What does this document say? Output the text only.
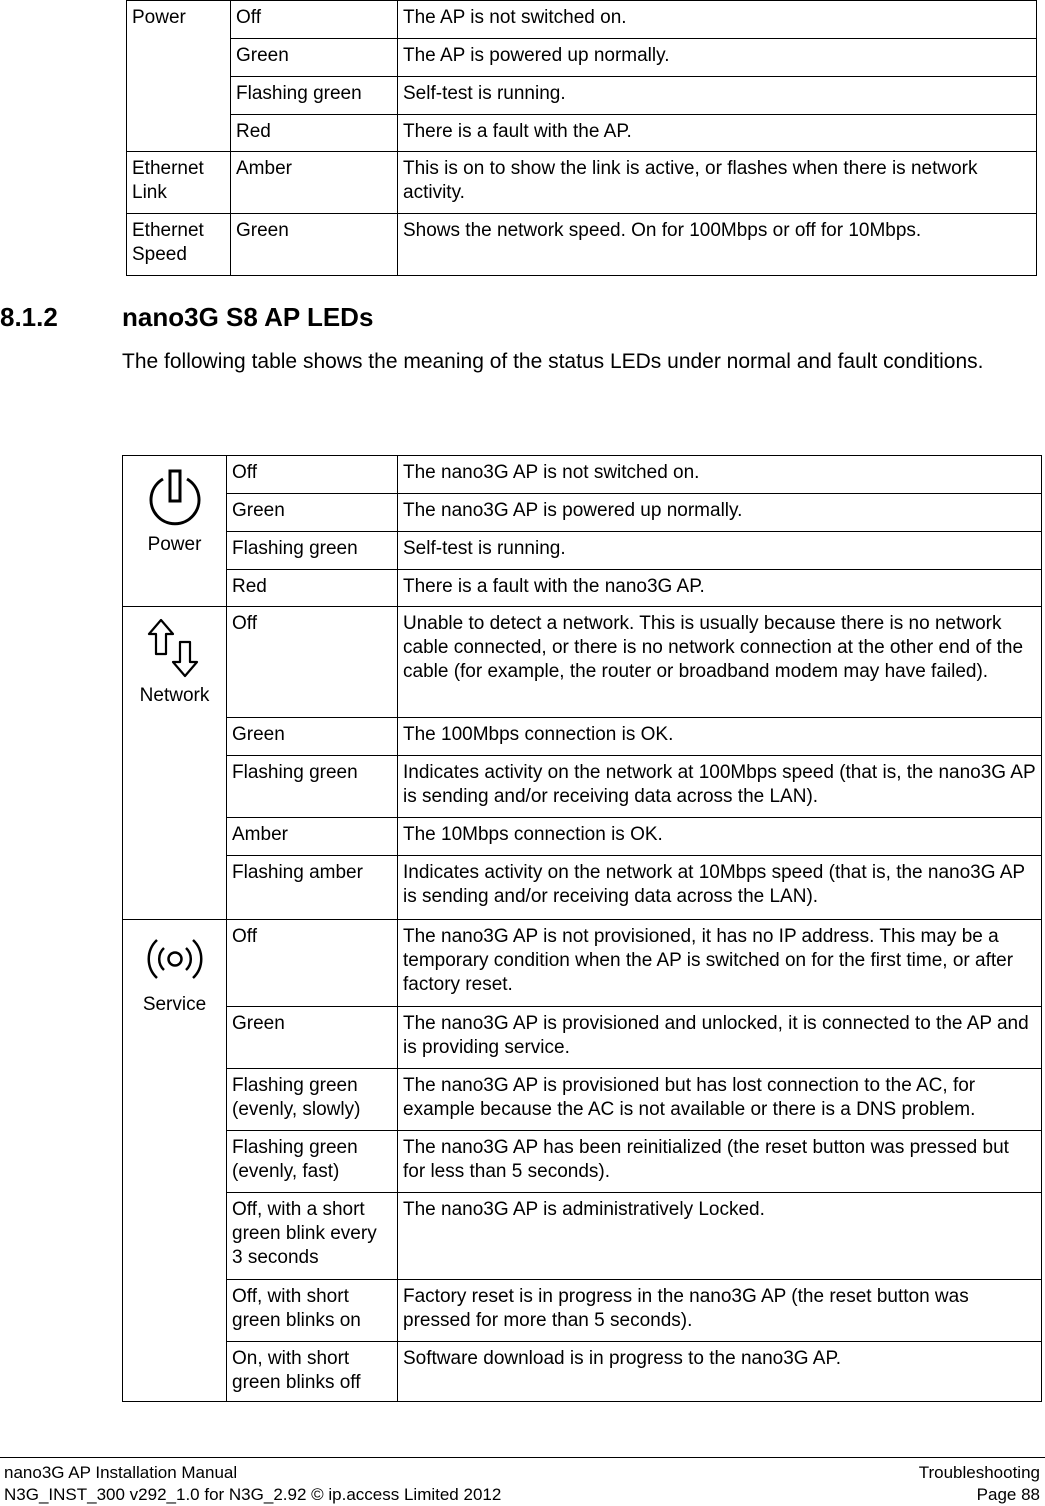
Power	Off	The AP is not switched on.
	Green	The AP is powered up normally.
	Flashing green	Self-test is running.
	Red	There is a fault with the AP.
Ethernet Link	Amber	This is on to show the link is active, or flashes when there is network activity.
Ethernet Speed	Green	Shows the network speed. On for 100Mbps or off for 10Mbps.
8.1.2 nano3G S8 AP LEDs
The following table shows the meaning of the status LEDs under normal and fault conditions.
Power	Off	The nano3G AP is not switched on.
	Green	The nano3G AP is powered up normally.
	Flashing green	Self-test is running.
	Red	There is a fault with the nano3G AP.

Network	Off	Unable to detect a network. This is usually because there is no network cable connected, or there is no network connection at the other end of the cable (for example, the router or broadband modem may have failed).
	Green	The 100Mbps connection is OK.
	Flashing green	Indicates activity on the network at 100Mbps speed (that is, the nano3G AP is sending and/or receiving data across the LAN).
	Amber	The 10Mbps connection is OK.
	Flashing amber	Indicates activity on the network at 10Mbps speed (that is, the nano3G AP is sending and/or receiving data across the LAN).

Service	Off	The nano3G AP is not provisioned, it has no IP address. This may be a temporary condition when the AP is switched on for the first time, or after factory reset.
	Green	The nano3G AP is provisioned and unlocked, it is connected to the AP and is providing service.
	Flashing green (evenly, slowly)	The nano3G AP is provisioned but has lost connection to the AC, for example because the AC is not available or there is a DNS problem.
	Flashing green (evenly, fast)	The nano3G AP has been reinitialized (the reset button was pressed but for less than 5 seconds).
	Off, with a short green blink every 3 seconds	The nano3G AP is administratively Locked.
	Off, with short green blinks on	Factory reset is in progress in the nano3G AP (the reset button was pressed for more than 5 seconds).
	On, with short green blinks off	Software download is in progress to the nano3G AP.
nano3G AP Installation Manual
N3G_INST_300 v292_1.0 for N3G_2.92 © ip.access Limited 2012
Troubleshooting
Page 88
